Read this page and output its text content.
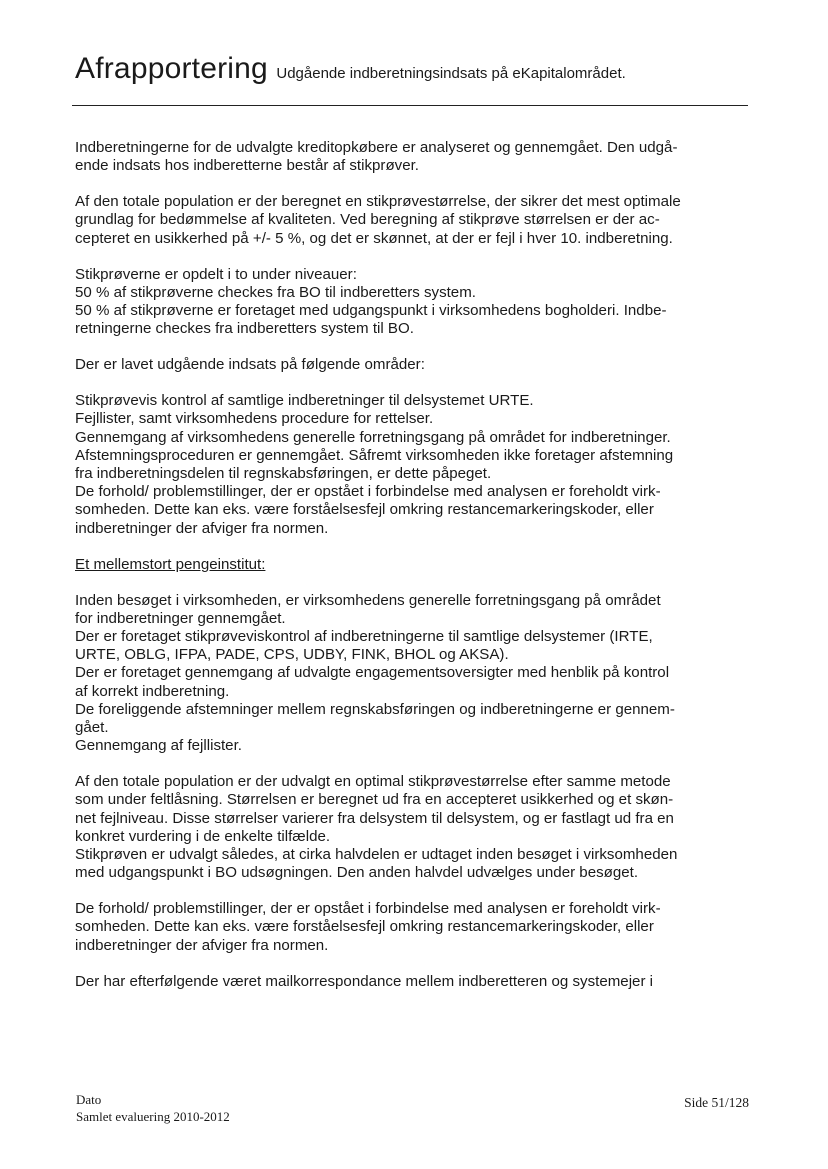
Afrapportering Udgående indberetningsindsats på eKapitalområdet.

Indberetningerne for de udvalgte kreditopkøbere er analyseret og gennemgået. Den udgå-
ende indsats hos indberetterne består af stikprøver.

Af den totale population er der beregnet en stikprøvestørrelse, der sikrer det mest optimale
grundlag for bedømmelse af kvaliteten. Ved beregning af stikprøve størrelsen er der ac-
cepteret en usikkerhed på +/- 5 %, og det er skønnet, at der er fejl i hver 10. indberetning.

Stikprøverne er opdelt i to under niveauer:
50 % af stikprøverne checkes fra BO til indberetters system.
50 % af stikprøverne er foretaget med udgangspunkt i virksomhedens bogholderi. Indbe-
retningerne checkes fra indberetters system til BO.

Der er lavet udgående indsats på følgende områder:

Stikprøvevis kontrol af samtlige indberetninger til delsystemet URTE.
Fejllister, samt virksomhedens procedure for rettelser.
Gennemgang af virksomhedens generelle forretningsgang på området for indberetninger.
Afstemningsproceduren er gennemgået. Såfremt virksomheden ikke foretager afstemning
fra indberetningsdelen til regnskabsføringen, er dette påpeget.
De forhold/ problemstillinger, der er opstået i forbindelse med analysen er foreholdt virk-
somheden. Dette kan eks. være forståelsesfejl omkring restancemarkeringskoder, eller
indberetninger der afviger fra normen.

Et mellemstort pengeinstitut:

Inden besøget i virksomheden, er virksomhedens generelle forretningsgang på området
for indberetninger gennemgået.
Der er foretaget stikprøveviskontrol af indberetningerne til samtlige delsystemer (IRTE,
URTE, OBLG, IFPA, PADE, CPS, UDBY, FINK, BHOL og AKSA).
Der er foretaget gennemgang af udvalgte engagementsoversigter med henblik på kontrol
af korrekt indberetning.
De foreliggende afstemninger mellem regnskabsføringen og indberetningerne er gennem-
gået.
Gennemgang af fejllister.

Af den totale population er der udvalgt en optimal stikprøvestørrelse efter samme metode
som under feltlåsning. Størrelsen er beregnet ud fra en accepteret usikkerhed og et skøn-
net fejlniveau. Disse størrelser varierer fra delsystem til delsystem, og er fastlagt ud fra en
konkret vurdering i de enkelte tilfælde.
Stikprøven er udvalgt således, at cirka halvdelen er udtaget inden besøget i virksomheden
med udgangspunkt i BO udsøgningen. Den anden halvdel udvælges under besøget.

De forhold/ problemstillinger, der er opstået i forbindelse med analysen er foreholdt virk-
somheden. Dette kan eks. være forståelsesfejl omkring restancemarkeringskoder, eller
indberetninger der afviger fra normen.

Der har efterfølgende været mailkorrespondance mellem indberetteren og systemejer i

Dato
Samlet evaluering 2010-2012
Side 51/128
